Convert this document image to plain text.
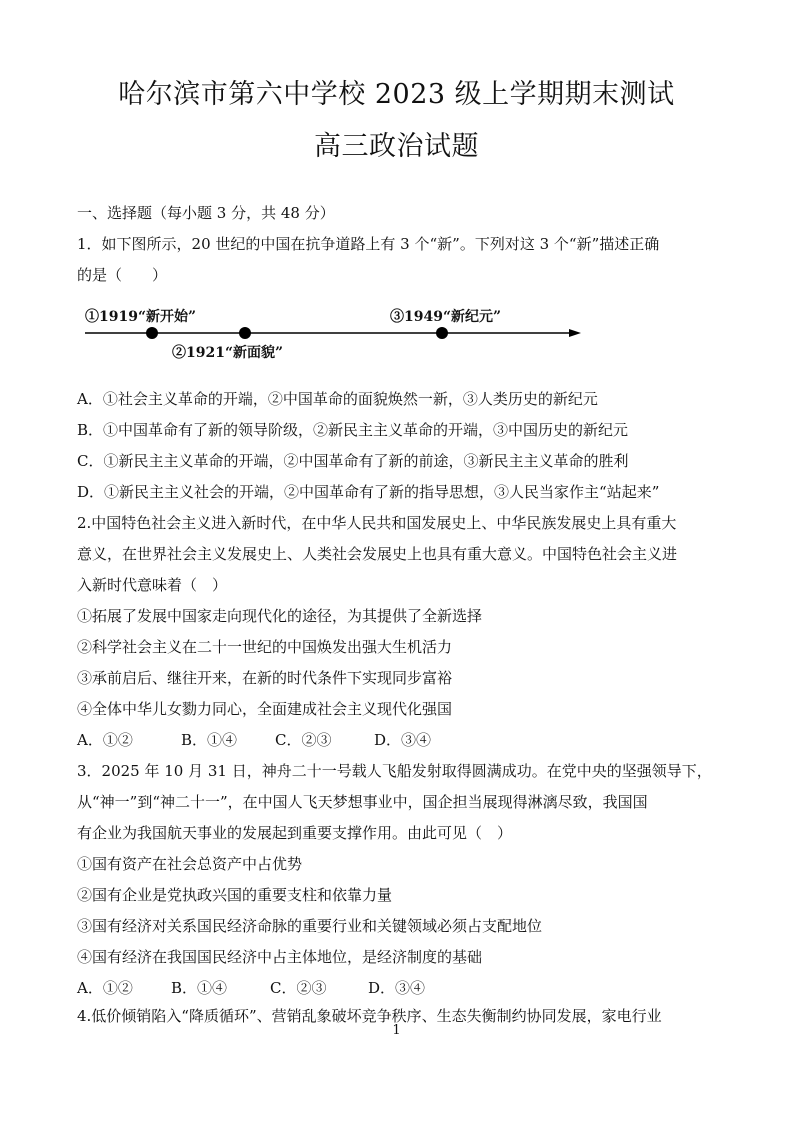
哈尔滨市第六中学校 2023 级上学期期末测试
高三政治试题
一、选择题（每小题 3 分，共 48 分）
1．如下图所示，20 世纪的中国在抗争道路上有 3 个“新”。下列对这 3 个“新”描述正确
的是（　　）
①1919“新开始”
②1921“新面貌”
③1949“新纪元”
A．①社会主义革命的开端，②中国革命的面貌焕然一新，③人类历史的新纪元
B．①中国革命有了新的领导阶级，②新民主主义革命的开端，③中国历史的新纪元
C．①新民主主义革命的开端，②中国革命有了新的前途，③新民主主义革命的胜利
D．①新民主主义社会的开端，②中国革命有了新的指导思想，③人民当家作主“站起来”
2.中国特色社会主义进入新时代，在中华人民共和国发展史上、中华民族发展史上具有重大
意义，在世界社会主义发展史上、人类社会发展史上也具有重大意义。中国特色社会主义进
入新时代意味着（　）
①拓展了发展中国家走向现代化的途径，为其提供了全新选择
②科学社会主义在二十一世纪的中国焕发出强大生机活力
③承前启后、继往开来，在新的时代条件下实现同步富裕
④全体中华儿女勠力同心，全面建成社会主义现代化强国
A．①②	B．①④	C．②③	D．③④
3．2025 年 10 月 31 日，神舟二十一号载人飞船发射取得圆满成功。在党中央的坚强领导下，
从“神一”到“神二十一”，在中国人飞天梦想事业中，国企担当展现得淋漓尽致，我国国
有企业为我国航天事业的发展起到重要支撑作用。由此可见（　）
①国有资产在社会总资产中占优势
②国有企业是党执政兴国的重要支柱和依靠力量
③国有经济对关系国民经济命脉的重要行业和关键领域必须占支配地位
④国有经济在我国国民经济中占主体地位，是经济制度的基础
A．①②	B．①④	C．②③	D．③④
4.低价倾销陷入“降质循环”、营销乱象破坏竞争秩序、生态失衡制约协同发展，家电行业
1
